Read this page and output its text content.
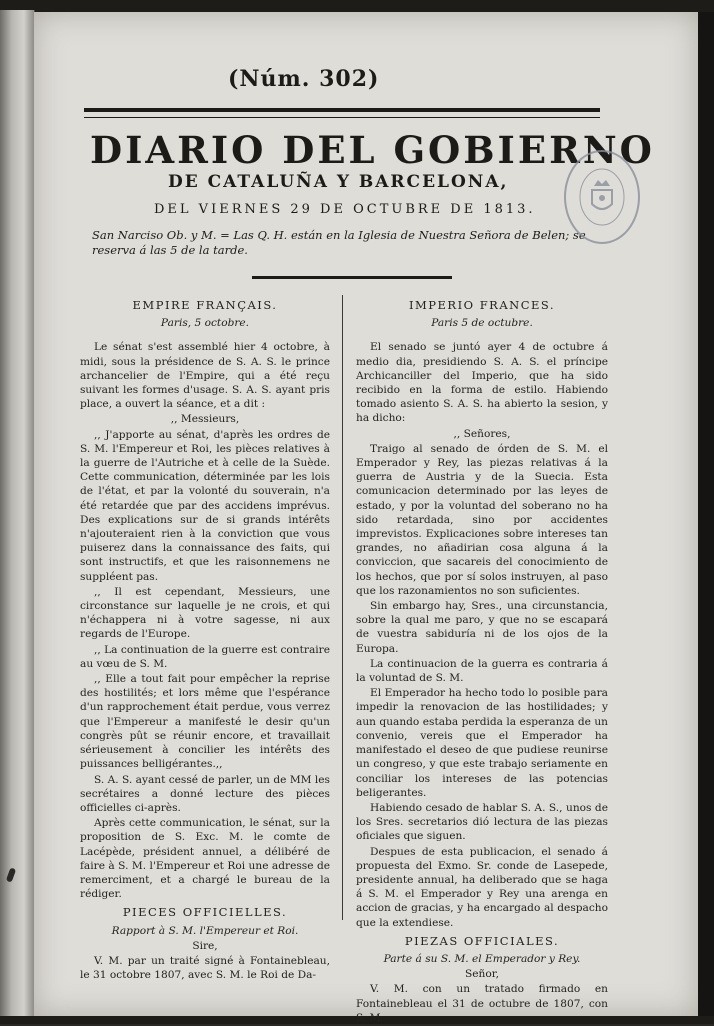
(Núm. 302)
DIARIO DEL GOBIERNO
DE CATALUÑA Y BARCELONA,
DEL VIERNES 29 DE OCTUBRE DE 1813.
San Narciso Ob. y M. = Las Q. H. están en la Iglesia de Nuestra Señora de Belen; se reserva á las 5 de la tarde.
EMPIRE FRANÇAIS.
Paris, 5 octobre.

Le sénat s'est assemblé hier 4 octobre, à midi, sous la présidence de S. A. S. le prince archancelier de l'Empire, qui a été reçu suivant les formes d'usage. S. A. S. ayant pris place, a ouvert la séance, et a dit :

,, Messieurs,

,, J'apporte au sénat, d'après les ordres de S. M. l'Empereur et Roi, les pièces relatives à la guerre de l'Autriche et à celle de la Suède. Cette communication, déterminée par les lois de l'état, et par la volonté du souverain, n'a été retardée que par des accidens imprévus. Des explications sur de si grands intérêts n'ajouteraient rien à la conviction que vous puiserez dans la connaissance des faits, qui sont instructifs, et que les raisonnemens ne suppléent pas.

,, Il est cependant, Messieurs, une circonstance sur laquelle je ne crois, et qui n'échappera ni à votre sagesse, ni aux regards de l'Europe.

,, La continuation de la guerre est contraire au vœu de S. M.

,, Elle a tout fait pour empêcher la reprise des hostilités; et lors même que l'espérance d'un rapprochement était perdue, vous verrez que l'Empereur a manifesté le desir qu'un congrès pût se réunir encore, et travaillait sérieusement à concilier les intérêts des puissances belligérantes.,,

S. A. S. ayant cessé de parler, un de MM les secrétaires a donné lecture des pièces officielles ci-après.

Après cette communication, le sénat, sur la proposition de S. Exc. M. le comte de Lacépède, président annuel, a délibéré de faire à S. M. l'Empereur et Roi une adresse de remerciment, et a chargé le bureau de la rédiger.

PIECES OFFICIELLES.

Rapport à S. M. l'Empereur et Roi.

Sire,

V. M. par un traité signé à Fontainebleau, le 31 octobre 1807, avec S. M. le Roi de Da-

IMPERIO FRANCES.
Paris 5 de octubre.

El senado se juntó ayer 4 de octubre á medio dia, presidiendo S. A. S. el príncipe Archicanciller del Imperio, que ha sido recibido en la forma de estilo. Habiendo tomado asiento S. A. S. ha abierto la sesion, y ha dicho:

,, Señores,

Traigo al senado de órden de S. M. el Emperador y Rey, las piezas relativas á la guerra de Austria y de la Suecia. Esta comunicacion determinado por las leyes de estado, y por la voluntad del soberano no ha sido retardada, sino por accidentes imprevistos. Explicaciones sobre intereses tan grandes, no añadirian cosa alguna á la conviccion, que sacareis del conocimiento de los hechos, que por sí solos instruyen, al paso que los razonamientos no son suficientes.

Sin embargo hay, Sres., una circunstancia, sobre la qual me paro, y que no se escapará de vuestra sabiduría ni de los ojos de la Europa.

La continuacion de la guerra es contraria á la voluntad de S. M.

El Emperador ha hecho todo lo posible para impedir la renovacion de las hostilidades; y aun quando estaba perdida la esperanza de un convenio, vereis que el Emperador ha manifestado el deseo de que pudiese reunirse un congreso, y que este trabajo seriamente en conciliar los intereses de las potencias beligerantes.

Habiendo cesado de hablar S. A. S., unos de los Sres. secretarios dió lectura de las piezas oficiales que siguen.

Despues de esta publicacion, el senado á propuesta del Exmo. Sr. conde de Lasepede, presidente annual, ha deliberado que se haga á S. M. el Emperador y Rey una arenga en accion de gracias, y ha encargado al despacho que la extendiese.

PIEZAS OFFICIALES.

Parte á su S. M. el Emperador y Rey.

Señor,

V. M. con un tratado firmado en Fontainebleau el 31 de octubre de 1807, con S. M.
